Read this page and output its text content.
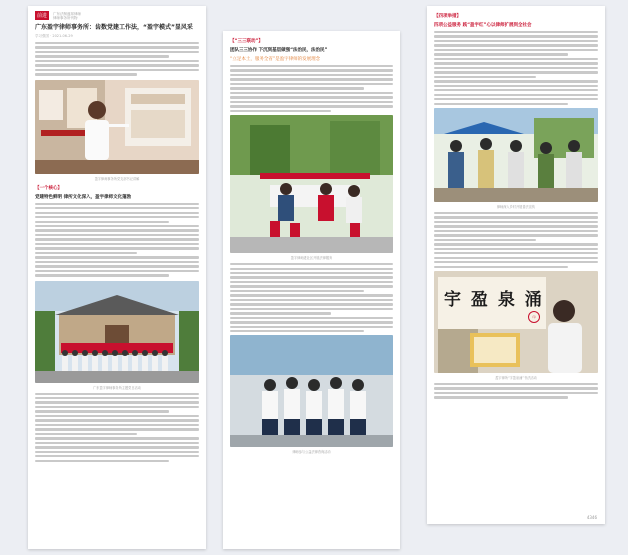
前进	广东法制盛邦律师
律师事务所刊物
广东盈宇律师事务所：齿数党建工作法，“盈宇模式”显风采
学习强国 · 2021-06-29
盈宇律师事务所党支部书记讲解
【一个核心】
党建特色鲜明 律所文化深入，盈宇律师文化蓬勃
广东盈宇律师事务所主题党日活动
【“三三联动”】
团队三三协作 下沉到基层做强“法治民，法治民”
“立足本土，服务全省”是盈宇律师的发展理念
盈宇律师进社区开展法律服务
律师参与公益法律咨询活动
【四项举措】
四项公益服务 践“盈宇红”心以律师扩展到全社会
律师深入乡村开展普法宣传
宇 盈 泉 涌
印
盈宇律所“宇盈泉涌”书法活动
4346
